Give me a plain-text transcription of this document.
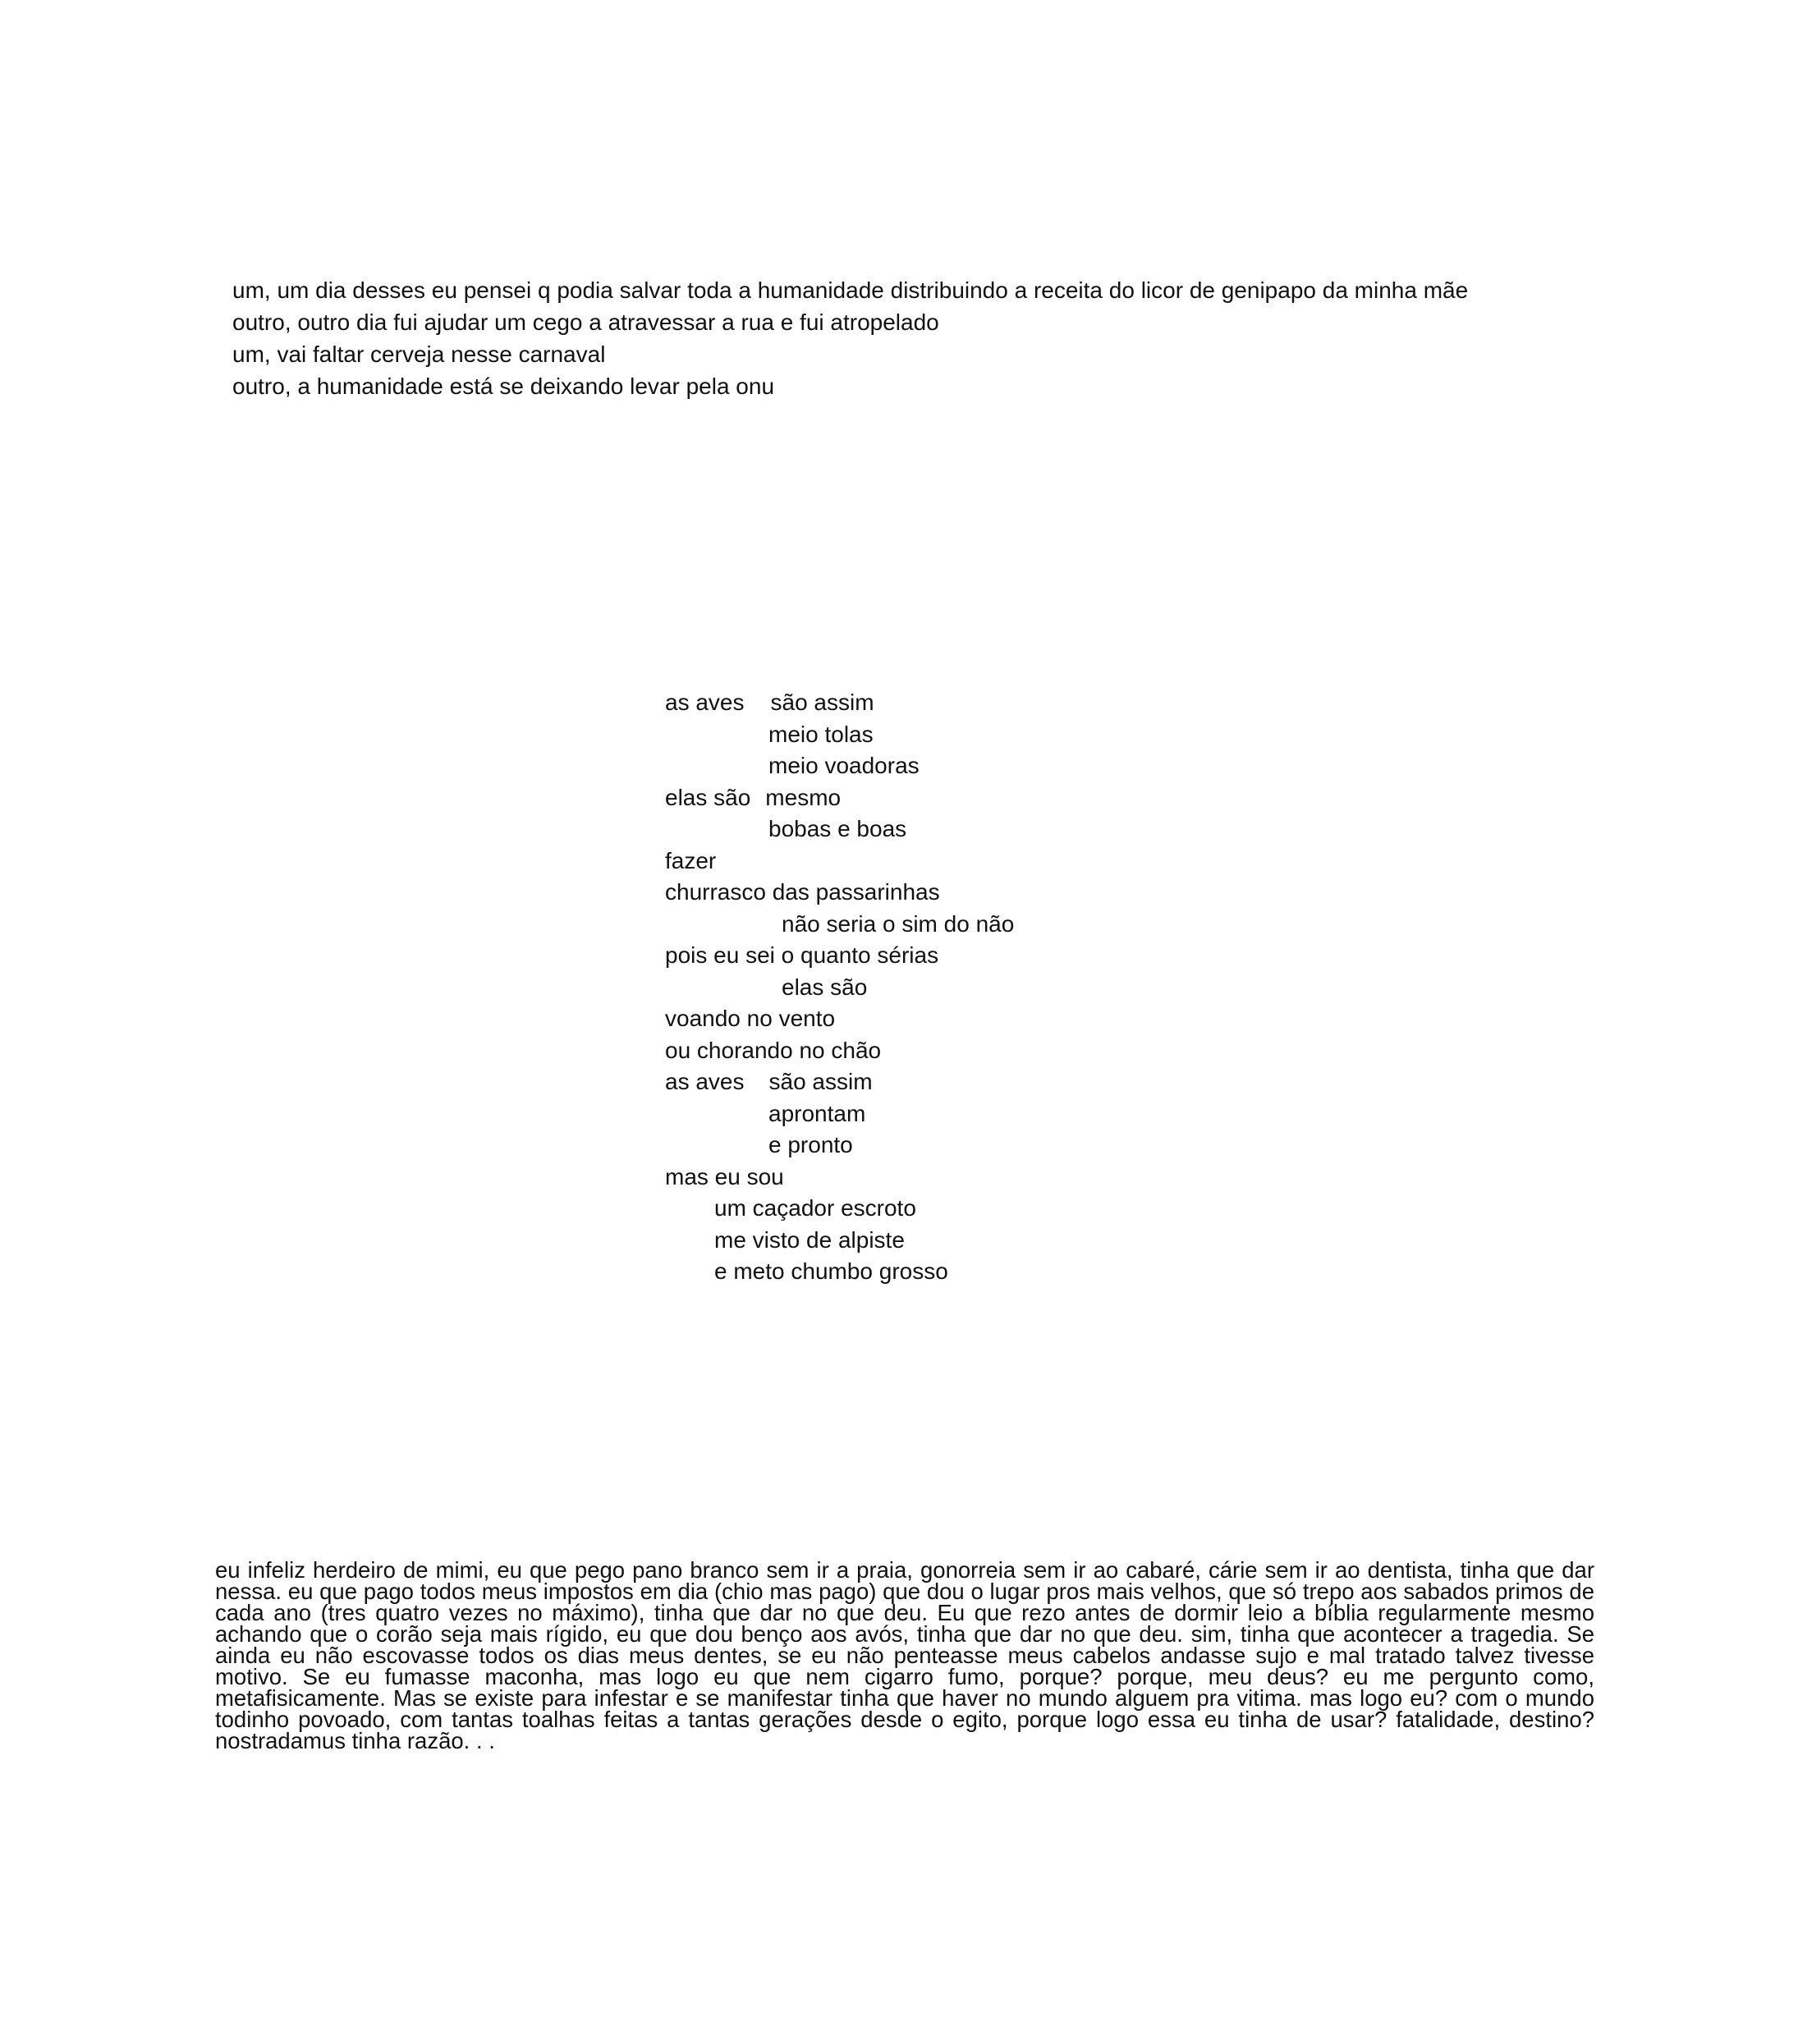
um, um dia desses eu pensei q podia salvar toda a humanidade distribuindo a receita do licor de genipapo da minha mãe
outro, outro dia fui ajudar um cego a atravessar a rua e fui atropelado
um, vai faltar cerveja nesse carnaval
outro, a humanidade está se deixando levar pela onu
as aves são assim
meio tolas
meio voadoras
elas são mesmo
bobas e boas
fazer
churrasco das passarinhas
não seria o sim do não
pois eu sei o quanto sérias
elas são
voando no vento
ou chorando no chão
as aves são assim
aprontam
e pronto
mas eu sou
um caçador escroto
me visto de alpiste
e meto chumbo grosso

eu infeliz herdeiro de mimi, eu que pego pano branco sem ir a praia, gonorreia sem ir ao cabaré, cárie sem ir ao dentista, tinha que dar nessa. eu que pago todos meus impostos em dia (chio mas pago) que dou o lugar pros mais velhos, que só trepo aos sabados primos de cada ano (tres quatro vezes no máximo), tinha que dar no que deu. Eu que rezo antes de dormir leio a bíblia regularmente mesmo achando que o corão seja mais rígido, eu que dou benço aos avós, tinha que dar no que deu. sim, tinha que acontecer a tragedia. Se ainda eu não escovasse todos os dias meus dentes, se eu não penteasse meus cabelos andasse sujo e mal tratado talvez tivesse motivo. Se eu fumasse maconha, mas logo eu que nem cigarro fumo, porque? porque, meu deus? eu me pergunto como, metafisicamente. Mas se existe para infestar e se manifestar tinha que haver no mundo alguem pra vitima. mas logo eu? com o mundo todinho povoado, com tantas toalhas feitas a tantas gerações desde o egito, porque logo essa eu tinha de usar? fatalidade, destino? nostradamus tinha razão. . .
